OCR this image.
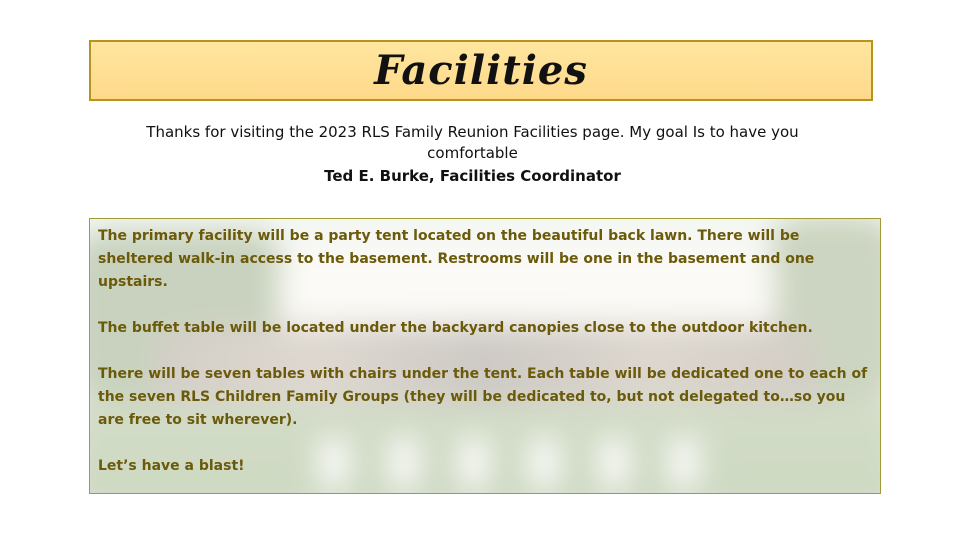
Facilities
Thanks for visiting the 2023 RLS Family Reunion Facilities page. My goal Is to have you comfortable
Ted E. Burke, Facilities Coordinator

The primary facility will be a party tent located on the beautiful back lawn. There will be sheltered walk-in access to the basement. Restrooms will be one in the basement and one upstairs.

The buffet table will be located under the backyard canopies close to the outdoor kitchen.

There will be seven tables with chairs under the tent. Each table will be dedicated one to each of the seven RLS Children Family Groups (they will be dedicated to, but not delegated to…so you are free to sit wherever).

Let’s have a blast!
